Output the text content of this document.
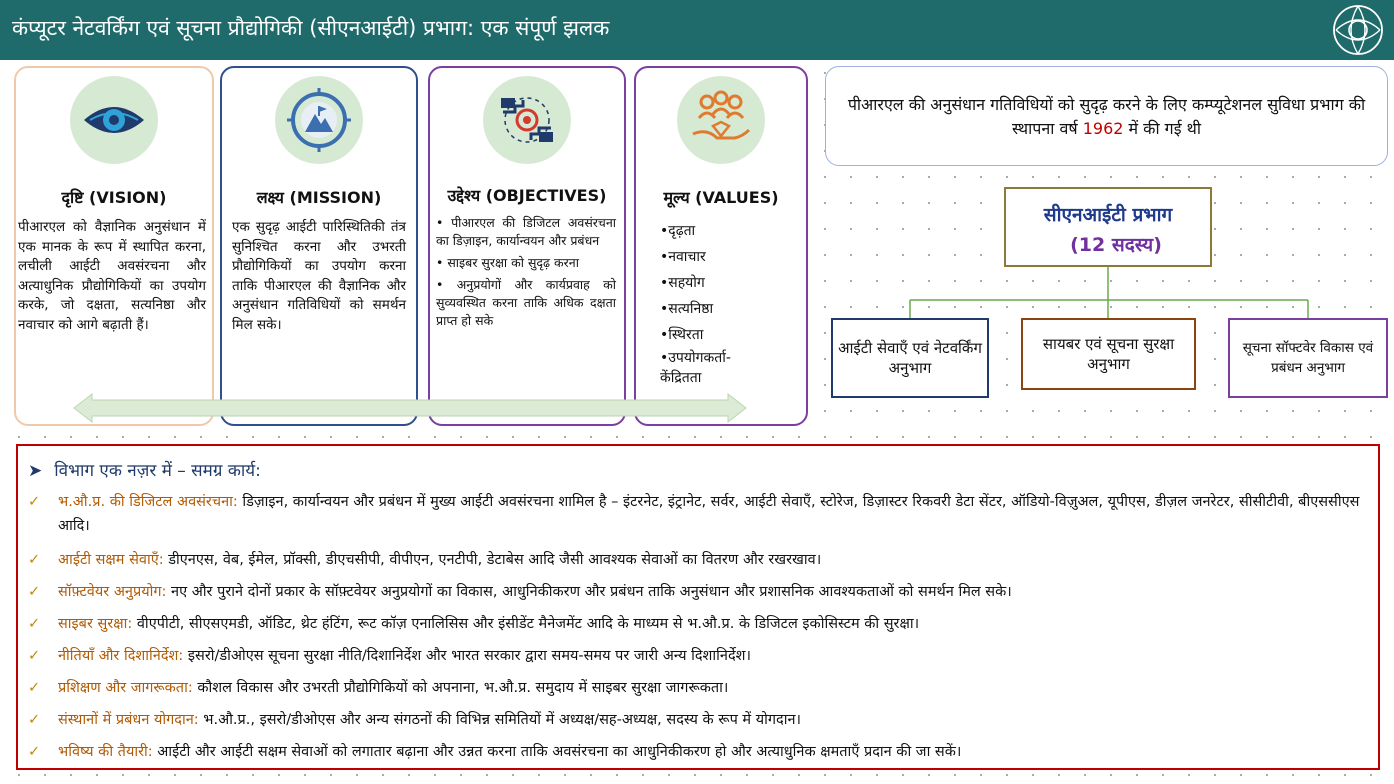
कंप्यूटर नेटवर्किंग एवं सूचना प्रौद्योगिकी (सीएनआईटी) प्रभाग: एक संपूर्ण झलक
दृष्टि (VISION)
पीआरएल को वैज्ञानिक अनुसंधान में एक मानक के रूप में स्थापित करना, लचीली आईटी अवसंरचना और अत्याधुनिक प्रौद्योगिकियों का उपयोग करके, जो दक्षता, सत्यनिष्ठा और नवाचार को आगे बढ़ाती हैं।
लक्ष्य (MISSION)
एक सुदृढ़ आईटी पारिस्थितिकी तंत्र सुनिश्चित करना और उभरती प्रौद्योगिकियों का उपयोग करना ताकि पीआरएल की वैज्ञानिक और अनुसंधान गतिविधियों को समर्थन मिल सके।
उद्देश्य (OBJECTIVES)
• पीआरएल की डिजिटल अवसंरचना का डिज़ाइन, कार्यान्वयन और प्रबंधन
• साइबर सुरक्षा को सुदृढ़ करना
• अनुप्रयोगों और कार्यप्रवाह को सुव्यवस्थित करना ताकि अधिक दक्षता प्राप्त हो सके
मूल्य (VALUES)
•दृढ़ता
•नवाचार
•सहयोग
•सत्यनिष्ठा
•स्थिरता
•उपयोगकर्ता-केंद्रितता
पीआरएल की अनुसंधान गतिविधियों को सुदृढ़ करने के लिए कम्प्यूटेशनल सुविधा प्रभाग की स्थापना वर्ष 1962 में की गई थी
सीएनआईटी प्रभाग
(12 सदस्य)
आईटी सेवाएँ एवं नेटवर्किंग अनुभाग
सायबर एवं सूचना सुरक्षा अनुभाग
सूचना सॉफ्टवेर विकास एवं प्रबंधन अनुभाग
➤ विभाग एक नज़र में – समग्र कार्य:
✓ भ.औ.प्र. की डिजिटल अवसंरचना: डिज़ाइन, कार्यान्वयन और प्रबंधन में मुख्य आईटी अवसंरचना शामिल है – इंटरनेट, इंट्रानेट, सर्वर, आईटी सेवाएँ, स्टोरेज, डिज़ास्टर रिकवरी डेटा सेंटर, ऑडियो-विज़ुअल, यूपीएस, डीज़ल जनरेटर, सीसीटीवी, बीएससीएस आदि।
✓ आईटी सक्षम सेवाएँ: डीएनएस, वेब, ईमेल, प्रॉक्सी, डीएचसीपी, वीपीएन, एनटीपी, डेटाबेस आदि जैसी आवश्यक सेवाओं का वितरण और रखरखाव।
✓ सॉफ़्टवेयर अनुप्रयोग: नए और पुराने दोनों प्रकार के सॉफ़्टवेयर अनुप्रयोगों का विकास, आधुनिकीकरण और प्रबंधन ताकि अनुसंधान और प्रशासनिक आवश्यकताओं को समर्थन मिल सके।
✓ साइबर सुरक्षा: वीएपीटी, सीएसएमडी, ऑडिट, थ्रेट हंटिंग, रूट कॉज़ एनालिसिस और इंसीडेंट मैनेजमेंट आदि के माध्यम से भ.औ.प्र. के डिजिटल इकोसिस्टम की सुरक्षा।
✓ नीतियाँ और दिशानिर्देश: इसरो/डीओएस सूचना सुरक्षा नीति/दिशानिर्देश और भारत सरकार द्वारा समय-समय पर जारी अन्य दिशानिर्देश।
✓ प्रशिक्षण और जागरूकता: कौशल विकास और उभरती प्रौद्योगिकियों को अपनाना, भ.औ.प्र. समुदाय में साइबर सुरक्षा जागरूकता।
✓ संस्थानों में प्रबंधन योगदान: भ.औ.प्र., इसरो/डीओएस और अन्य संगठनों की विभिन्न समितियों में अध्यक्ष/सह-अध्यक्ष, सदस्य के रूप में योगदान।
✓ भविष्य की तैयारी: आईटी और आईटी सक्षम सेवाओं को लगातार बढ़ाना और उन्नत करना ताकि अवसंरचना का आधुनिकीकरण हो और अत्याधुनिक क्षमताएँ प्रदान की जा सकें।
